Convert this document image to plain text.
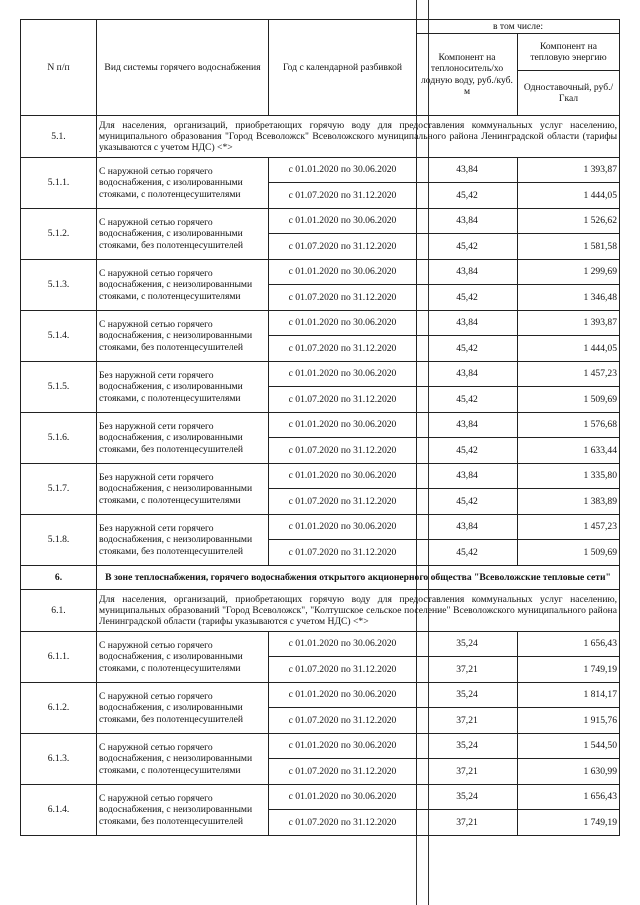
N п/п	Вид системы горячего водоснабжения	Год с календарной разбивкой	в том числе:	
			Компонент на теплоноситель/хо лодную воду, руб./куб. м	Компонент на тепловую энергию
				Одноставочный, руб./Гкал
5.1.	Для населения, организаций, приобретающих горячую воду для предоставления коммунальных услуг населению, муниципального образования "Город Всеволожск" Всеволожского муниципального района Ленинградской области (тарифы указываются с учетом НДС) <*>			
5.1.1.	С наружной сетью горячего водоснабжения, с изолированными стояками, с полотенцесушителями	с 01.01.2020 по 30.06.2020	43,84	1 393,87
		с 01.07.2020 по 31.12.2020	45,42	1 444,05
5.1.2.	С наружной сетью горячего водоснабжения, с изолированными стояками, без полотенцесушителей	с 01.01.2020 по 30.06.2020	43,84	1 526,62
		с 01.07.2020 по 31.12.2020	45,42	1 581,58
5.1.3.	С наружной сетью горячего водоснабжения, с неизолированными стояками, с полотенцесушителями	с 01.01.2020 по 30.06.2020	43,84	1 299,69
		с 01.07.2020 по 31.12.2020	45,42	1 346,48
5.1.4.	С наружной сетью горячего водоснабжения, с неизолированными стояками, без полотенцесушителей	с 01.01.2020 по 30.06.2020	43,84	1 393,87
		с 01.07.2020 по 31.12.2020	45,42	1 444,05
5.1.5.	Без наружной сети горячего водоснабжения, с изолированными стояками, с полотенцесушителями	с 01.01.2020 по 30.06.2020	43,84	1 457,23
		с 01.07.2020 по 31.12.2020	45,42	1 509,69
5.1.6.	Без наружной сети горячего водоснабжения, с изолированными стояками, без полотенцесушителей	с 01.01.2020 по 30.06.2020	43,84	1 576,68
		с 01.07.2020 по 31.12.2020	45,42	1 633,44
5.1.7.	Без наружной сети горячего водоснабжения, с неизолированными стояками, с полотенцесушителями	с 01.01.2020 по 30.06.2020	43,84	1 335,80
		с 01.07.2020 по 31.12.2020	45,42	1 383,89
5.1.8.	Без наружной сети горячего водоснабжения, с неизолированными стояками, без полотенцесушителей	с 01.01.2020 по 30.06.2020	43,84	1 457,23
		с 01.07.2020 по 31.12.2020	45,42	1 509,69
6.	В зоне теплоснабжения, горячего водоснабжения открытого акционерного общества "Всеволожские тепловые сети"			
6.1.	Для населения, организаций, приобретающих горячую воду для предоставления коммунальных услуг населению, муниципальных образований "Город Всеволожск", "Колтушское сельское поселение" Всеволожского муниципального района Ленинградской области (тарифы указываются с учетом НДС) <*>			
6.1.1.	С наружной сетью горячего водоснабжения, с изолированными стояками, с полотенцесушителями	с 01.01.2020 по 30.06.2020	35,24	1 656,43
		с 01.07.2020 по 31.12.2020	37,21	1 749,19
6.1.2.	С наружной сетью горячего водоснабжения, с изолированными стояками, без полотенцесушителей	с 01.01.2020 по 30.06.2020	35,24	1 814,17
		с 01.07.2020 по 31.12.2020	37,21	1 915,76
6.1.3.	С наружной сетью горячего водоснабжения, с неизолированными стояками, с полотенцесушителями	с 01.01.2020 по 30.06.2020	35,24	1 544,50
		с 01.07.2020 по 31.12.2020	37,21	1 630,99
6.1.4.	С наружной сетью горячего водоснабжения, с неизолированными стояками, без полотенцесушителей	с 01.01.2020 по 30.06.2020	35,24	1 656,43
		с 01.07.2020 по 31.12.2020	37,21	1 749,19
